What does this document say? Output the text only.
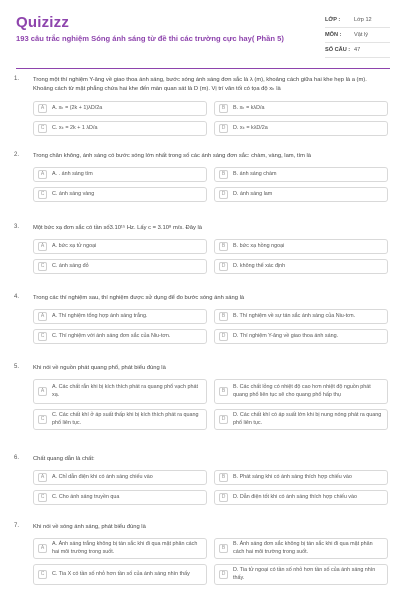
Quizizz
193 câu trắc nghiệm Sóng ánh sáng từ đề thi các trường cực hay( Phần 5)
LỚP :	Lớp 12
MÔN :	Vật lý
SỐ CÂU : 47
1. Trong một thí nghiệm Y-âng về giao thoa ánh sáng, bước sóng ánh sáng đơn sắc là λ (m), khoảng cách giữa hai khe hẹp là a (m). Khoảng cách từ mặt phẳng chứa hai khe đến màn quan sát là D (m). Vị trí vân tối có tọa độ xₖ là
A	A. xₖ = (2k + 1)λD/2a	B	B. xₖ = kλD/a
C	C. xₖ = 2k + 1 λD/a	D	D. xₖ = kλD/2a
2. Trong chân không, ánh sáng có bước sóng lớn nhất trong số các ánh sáng đơn sắc: chàm, vàng, lam, tím là
A	A. . ánh sáng tím	B	B. ánh sáng chàm
C	C. ánh sáng vàng	D	D. ánh sáng lam
3. Một bức xạ đơn sắc có tần số3.10¹⁵ Hz. Lấy c = 3.10⁸ m/s. Đây là
A	A. bức xạ tử ngoại	B	B. bức xạ hồng ngoại
C	C. ánh sáng đỏ	D	D. không thể xác định
4. Trong các thí nghiệm sau, thí nghiệm được sử dụng để đo bước sóng ánh sáng là
A	A. Thí nghiệm tổng hợp ánh sáng trắng.	B	B. Thí nghiệm về sự tán sắc ánh sáng của Niu-tơn.
C	C. Thí nghiệm với ánh sáng đơn sắc của Niu-tơn.	D	D. Thí nghiệm Y-âng về giao thoa ánh sáng.
5. Khi nói về nguồn phát quang phổ, phát biểu đúng là
A
A. Các chất rắn khi bị kích thích phát ra quang phổ vạch phát xạ.
B
B. Các chất lỏng có nhiệt độ cao hơn nhiệt độ nguồn phát quang phổ liên tục sẽ cho quang phổ hấp thụ
C
C. Các chất khí ở áp suất thấp khi bị kích thích phát ra quang phổ liên tục.
D
D. Các chất khí có áp suất lớn khi bị nung nóng phát ra quang phổ liên tục.
6. Chất quang dẫn là chất:
A	A. Chỉ dẫn điện khi có ánh sáng chiếu vào	B	B. Phát sáng khi có ánh sáng thích hợp chiếu vào
C	C. Cho ánh sáng truyền qua	D	D. Dẫn điện tốt khi có ánh sáng thích hợp chiếu vào
7. Khi nói về sóng ánh sáng, phát biểu đúng là
A
A. Ánh sáng trắng không bị tán sắc khi đi qua mặt phân cách hai môi trường trong suốt.
B
B. Ánh sáng đơn sắc không bị tán sắc khi đi qua mặt phân cách hai môi trường trong suốt.
C	C. Tia X có tần số nhỏ hơn tần số của ánh sáng nhìn thấy	D
D. Tia tử ngoại có tần số nhỏ hơn tần số của ánh sáng nhìn thấy.
